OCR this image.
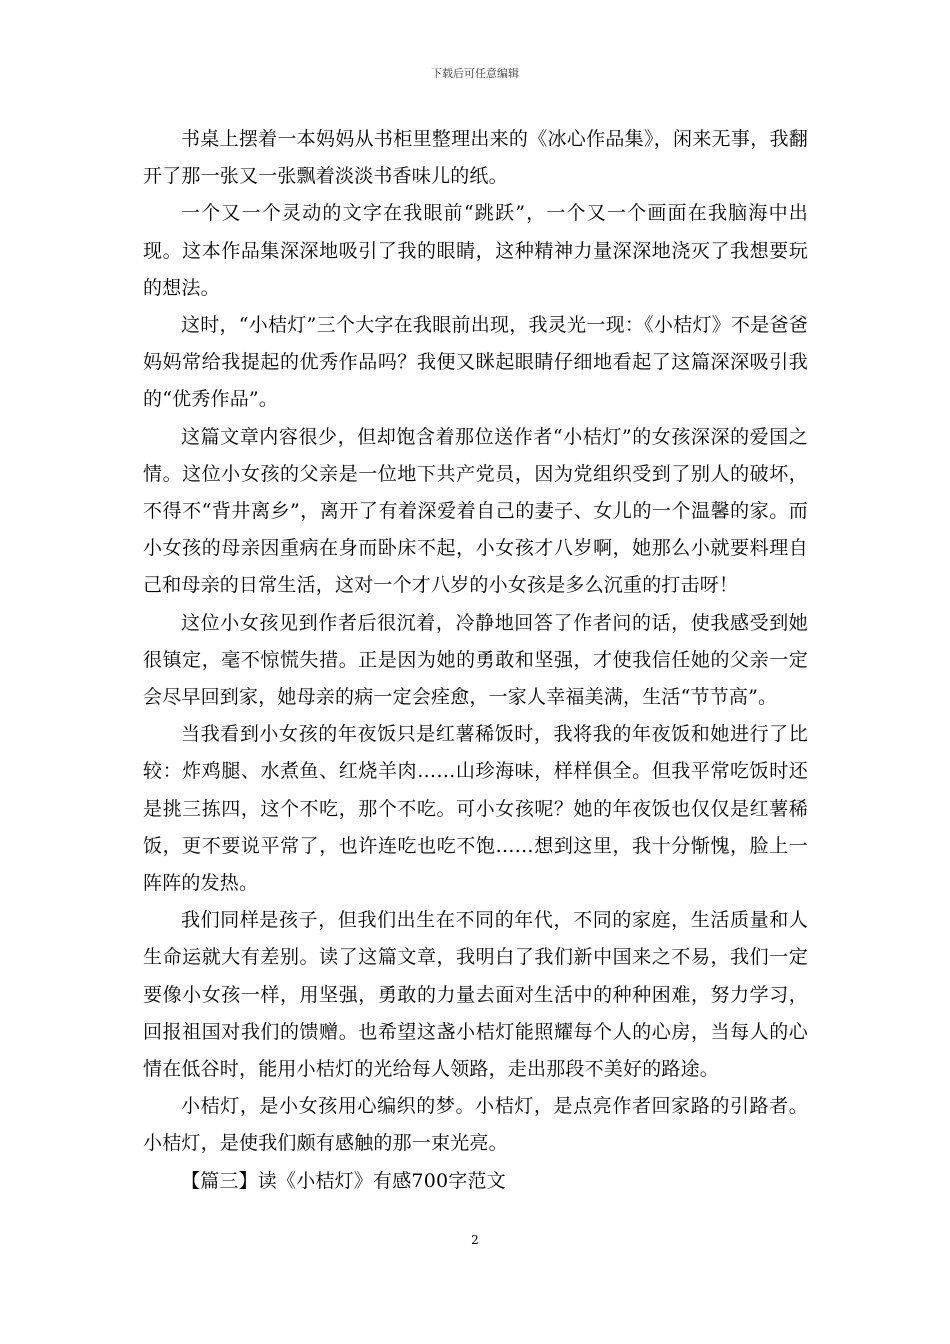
下载后可任意编辑

书桌上摆着一本妈妈从书柜里整理出来的《冰心作品集》，闲来无事，我翻开了那一张又一张飘着淡淡书香味儿的纸。

一个又一个灵动的文字在我眼前“跳跃”，一个又一个画面在我脑海中出现。这本作品集深深地吸引了我的眼睛，这种精神力量深深地浇灭了我想要玩的想法。

这时，“小桔灯”三个大字在我眼前出现，我灵光一现：《小桔灯》不是爸爸妈妈常给我提起的优秀作品吗？我便又眯起眼睛仔细地看起了这篇深深吸引我的“优秀作品”。

这篇文章内容很少，但却饱含着那位送作者“小桔灯”的女孩深深的爱国之情。这位小女孩的父亲是一位地下共产党员，因为党组织受到了别人的破坏，不得不“背井离乡”，离开了有着深爱着自己的妻子、女儿的一个温馨的家。而小女孩的母亲因重病在身而卧床不起，小女孩才八岁啊，她那么小就要料理自己和母亲的日常生活，这对一个才八岁的小女孩是多么沉重的打击呀！

这位小女孩见到作者后很沉着，冷静地回答了作者问的话，使我感受到她很镇定，毫不惊慌失措。正是因为她的勇敢和坚强，才使我信任她的父亲一定会尽早回到家，她母亲的病一定会痊愈，一家人幸福美满，生活“节节高”。

当我看到小女孩的年夜饭只是红薯稀饭时，我将我的年夜饭和她进行了比较：炸鸡腿、水煮鱼、红烧羊肉……山珍海味，样样俱全。但我平常吃饭时还是挑三拣四，这个不吃，那个不吃。可小女孩呢？她的年夜饭也仅仅是红薯稀饭，更不要说平常了，也许连吃也吃不饱……想到这里，我十分惭愧，脸上一阵阵的发热。

我们同样是孩子，但我们出生在不同的年代，不同的家庭，生活质量和人生命运就大有差别。读了这篇文章，我明白了我们新中国来之不易，我们一定要像小女孩一样，用坚强，勇敢的力量去面对生活中的种种困难，努力学习，回报祖国对我们的馈赠。也希望这盏小桔灯能照耀每个人的心房，当每人的心情在低谷时，能用小桔灯的光给每人领路，走出那段不美好的路途。

小桔灯，是小女孩用心编织的梦。小桔灯，是点亮作者回家路的引路者。小桔灯，是使我们颇有感触的那一束光亮。

【篇三】读《小桔灯》有感700字范文

2
